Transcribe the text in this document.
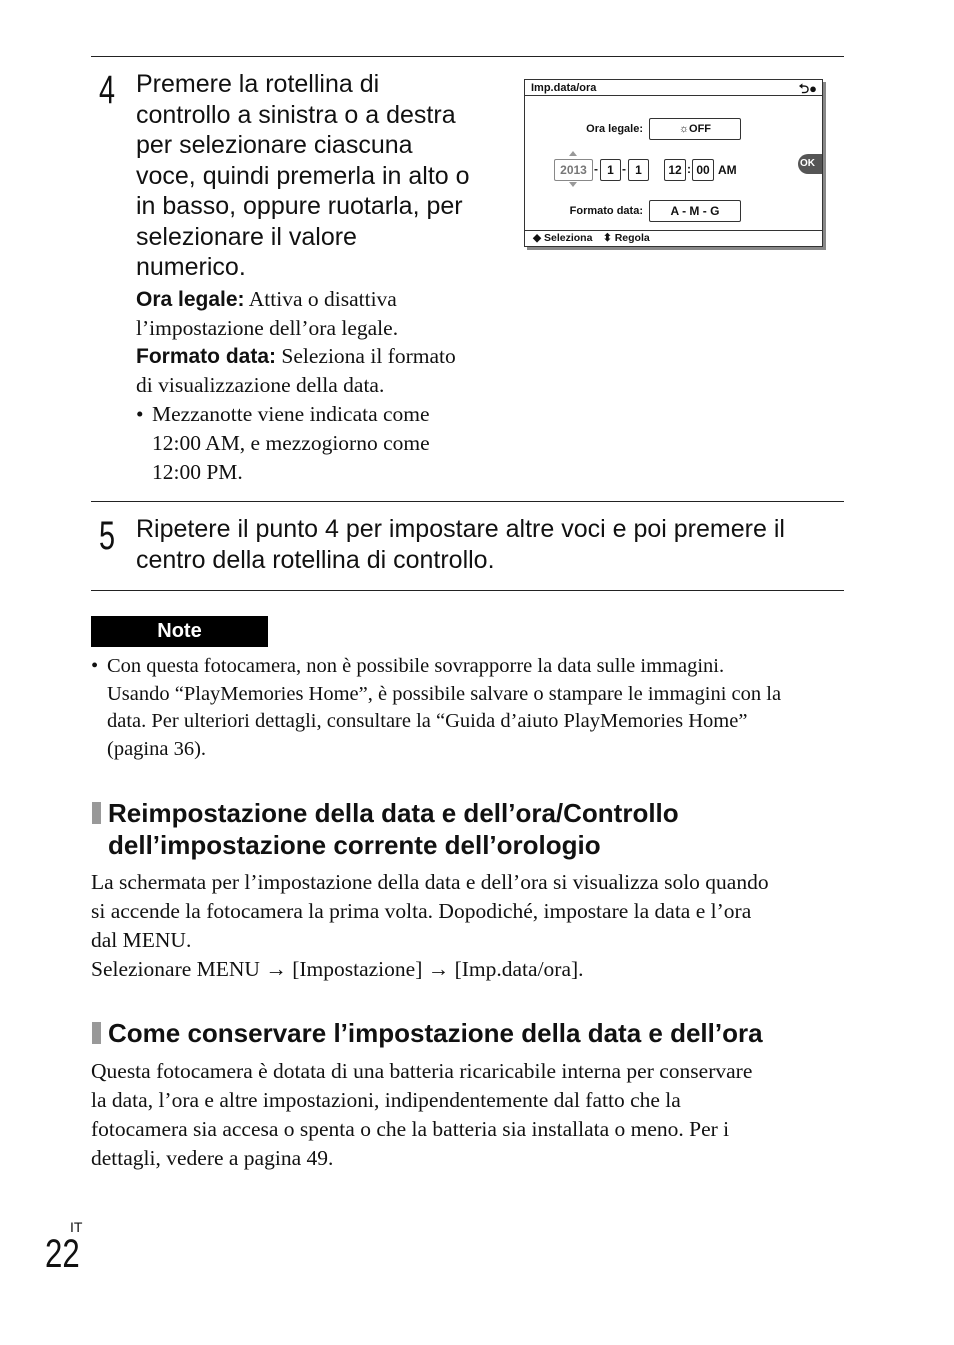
4 Premere la rotellina di
controllo a sinistra o a destra
per selezionare ciascuna
voce, quindi premerla in alto o
in basso, oppure ruotarla, per
selezionare il valore
numerico.
Ora legale: Attiva o disattiva
l’impostazione dell’ora legale.
Formato data: Seleziona il formato
di visualizzazione della data.
• Mezzanotte viene indicata come
12:00 AM, e mezzogiorno come
12:00 PM.
Imp.data/ora	⮌●
Ora legale:	☼OFF
2013 - 1 - 1	12 : 00 AM	OK
Formato data:	A - M - G
◆ Seleziona ⬍ Regola
5 Ripetere il punto 4 per impostare altre voci e poi premere il
centro della rotellina di controllo.
Note
• Con questa fotocamera, non è possibile sovrapporre la data sulle immagini.
Usando “PlayMemories Home”, è possibile salvare o stampare le immagini con la
data. Per ulteriori dettagli, consultare la “Guida d’aiuto PlayMemories Home”
(pagina 36).
Reimpostazione della data e dell’ora/Controllo
dell’impostazione corrente dell’orologio
La schermata per l’impostazione della data e dell’ora si visualizza solo quando
si accende la fotocamera la prima volta. Dopodiché, impostare la data e l’ora
dal MENU.
Selezionare MENU → [Impostazione] → [Imp.data/ora].
Come conservare l’impostazione della data e dell’ora
Questa fotocamera è dotata di una batteria ricaricabile interna per conservare
la data, l’ora e altre impostazioni, indipendentemente dal fatto che la
fotocamera sia accesa o spenta o che la batteria sia installata o meno. Per i
dettagli, vedere a pagina 49.
IT
22
